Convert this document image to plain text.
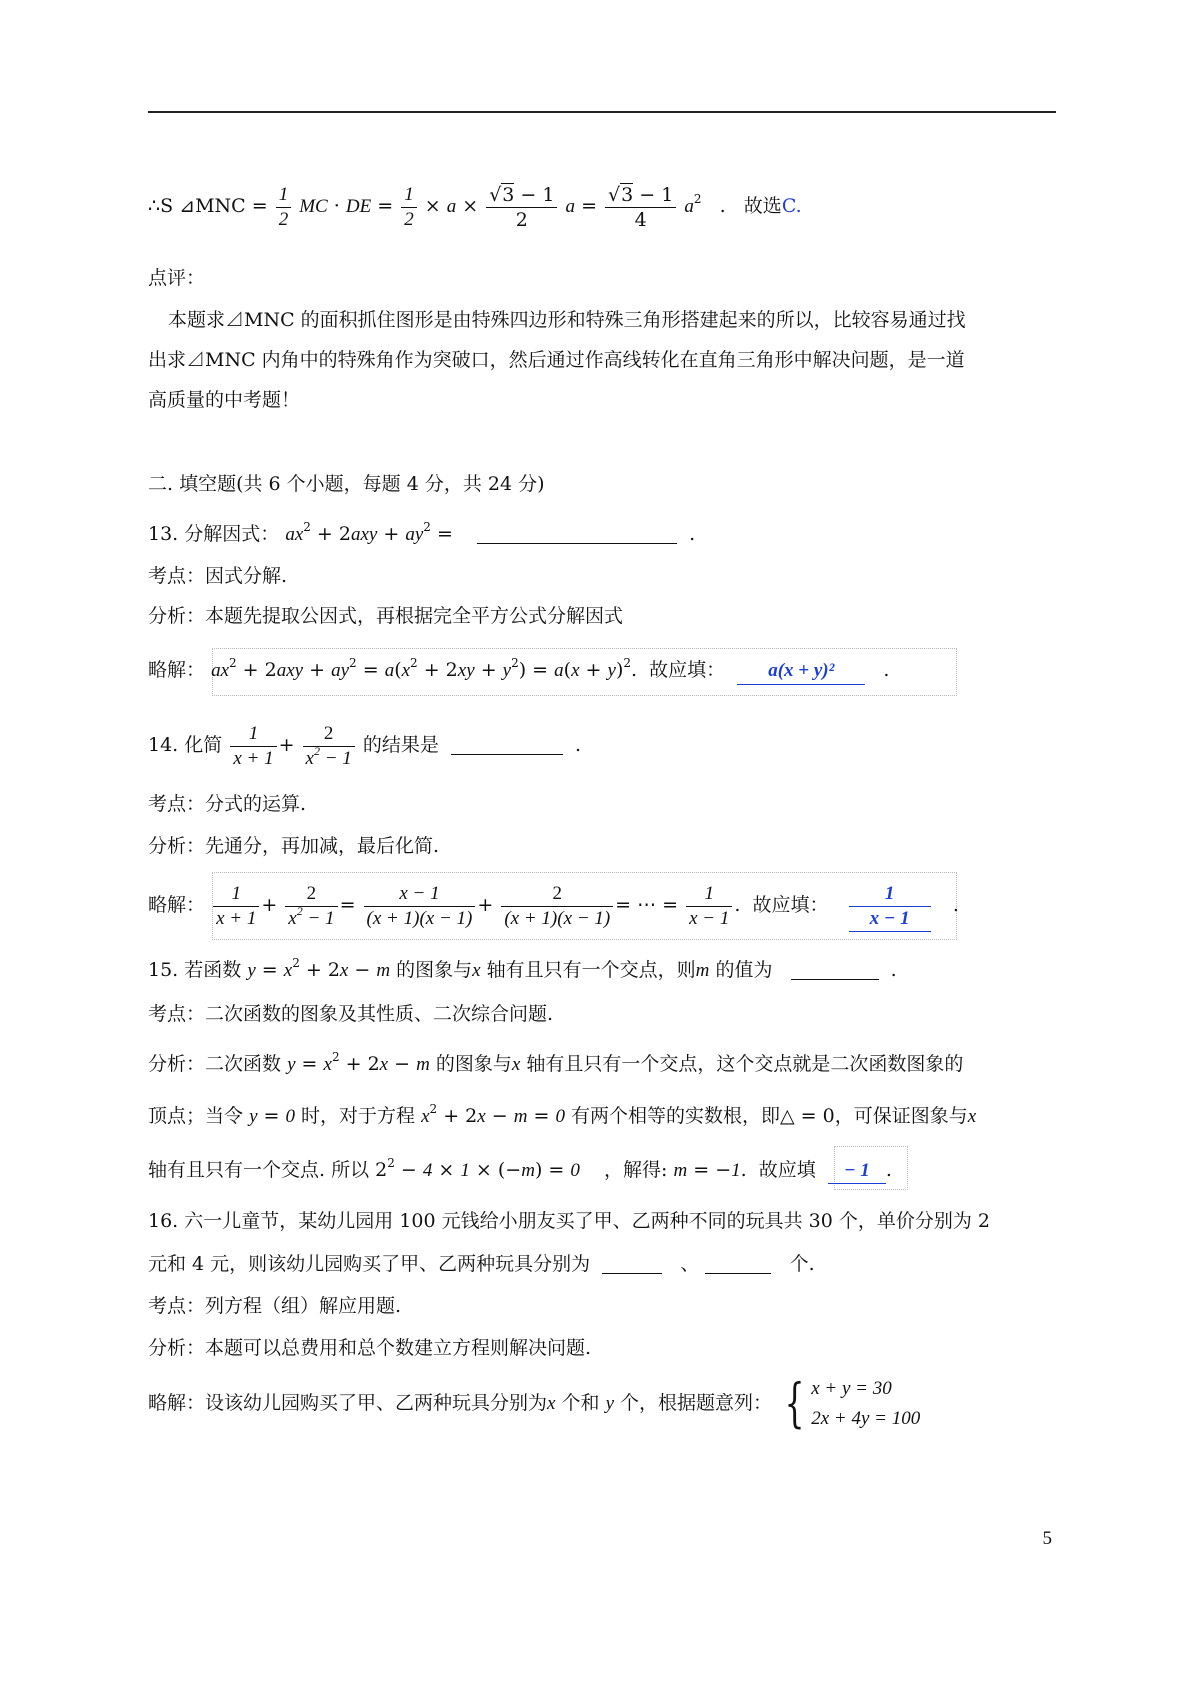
∴S ⊿MNC = $\frac{1}{2}$ MC · DE = $\frac{1}{2} \times a \times \frac{√3 - 1}{2}$ $a = \frac{√3 - 1}{4} a^2$   .   故选C.
点评：
本题求⊿MNC 的面积抓住图形是由特殊四边形和特殊三角形搭建起来的所以，比较容易通过找
出求⊿MNC 内角中的特殊角作为突破口，然后通过作高线转化在直角三角形中解决问题，是一道
高质量的中考题！
二. 填空题(共 6 个小题，每题 4 分，共 24 分)
13. 分解因式： $ax^2 + 2axy + ay^2$ =	.
考点：因式分解.
分析：本题先提取公因式，再根据完全平方公式分解因式
略解： $ax^2 + 2axy + ay^2 = a(x^2 + 2xy + y^2) = a(x + y)^2$.  故应填： a(x + y)²   .
14. 化简 $\frac{1}{x + 1} + \frac{2}{x^2 - 1}$ 的结果是	.
考点：分式的运算.
分析：先通分，再加减，最后化简.
略解： $\frac{1}{x + 1} + \frac{2}{x^2 - 1} = \frac{x - 1}{(x + 1)(x - 1)} + \frac{2}{(x + 1)(x - 1)}$ = ⋯ = $\frac{1}{x - 1}$ .  故应填： $\frac{1}{x - 1}$
.
15. 若函数 $y = x^2 + 2x - m$ 的图象与x 轴有且只有一个交点，则m 的值为	.
考点：二次函数的图象及其性质、二次综合问题.
分析：二次函数 $y = x^2 + 2x - m$ 的图象与x 轴有且只有一个交点，这个交点就是二次函数图象的
顶点；当令 y = 0 时，对于方程 $x^2 + 2x - m = 0$ 有两个相等的实数根，即△ = 0，可保证图象与x
轴有且只有一个交点. 所以 $2^2 - 4 \times 1 \times (-m) = 0$ ，解得: m = −1.  故应填 − 1 .
16. 六一儿童节，某幼儿园用 100 元钱给小朋友买了甲、乙两种不同的玩具共 30 个，单价分别为 2
元和 4 元，则该幼儿园购买了甲、乙两种玩具分别为	、	个.
考点：列方程（组）解应用题.
分析：本题可以总费用和总个数建立方程则解决问题.
略解：设该幼儿园购买了甲、乙两种玩具分别为x 个和 y 个，根据题意列： { x + y = 30
2x + 4y = 100
5
